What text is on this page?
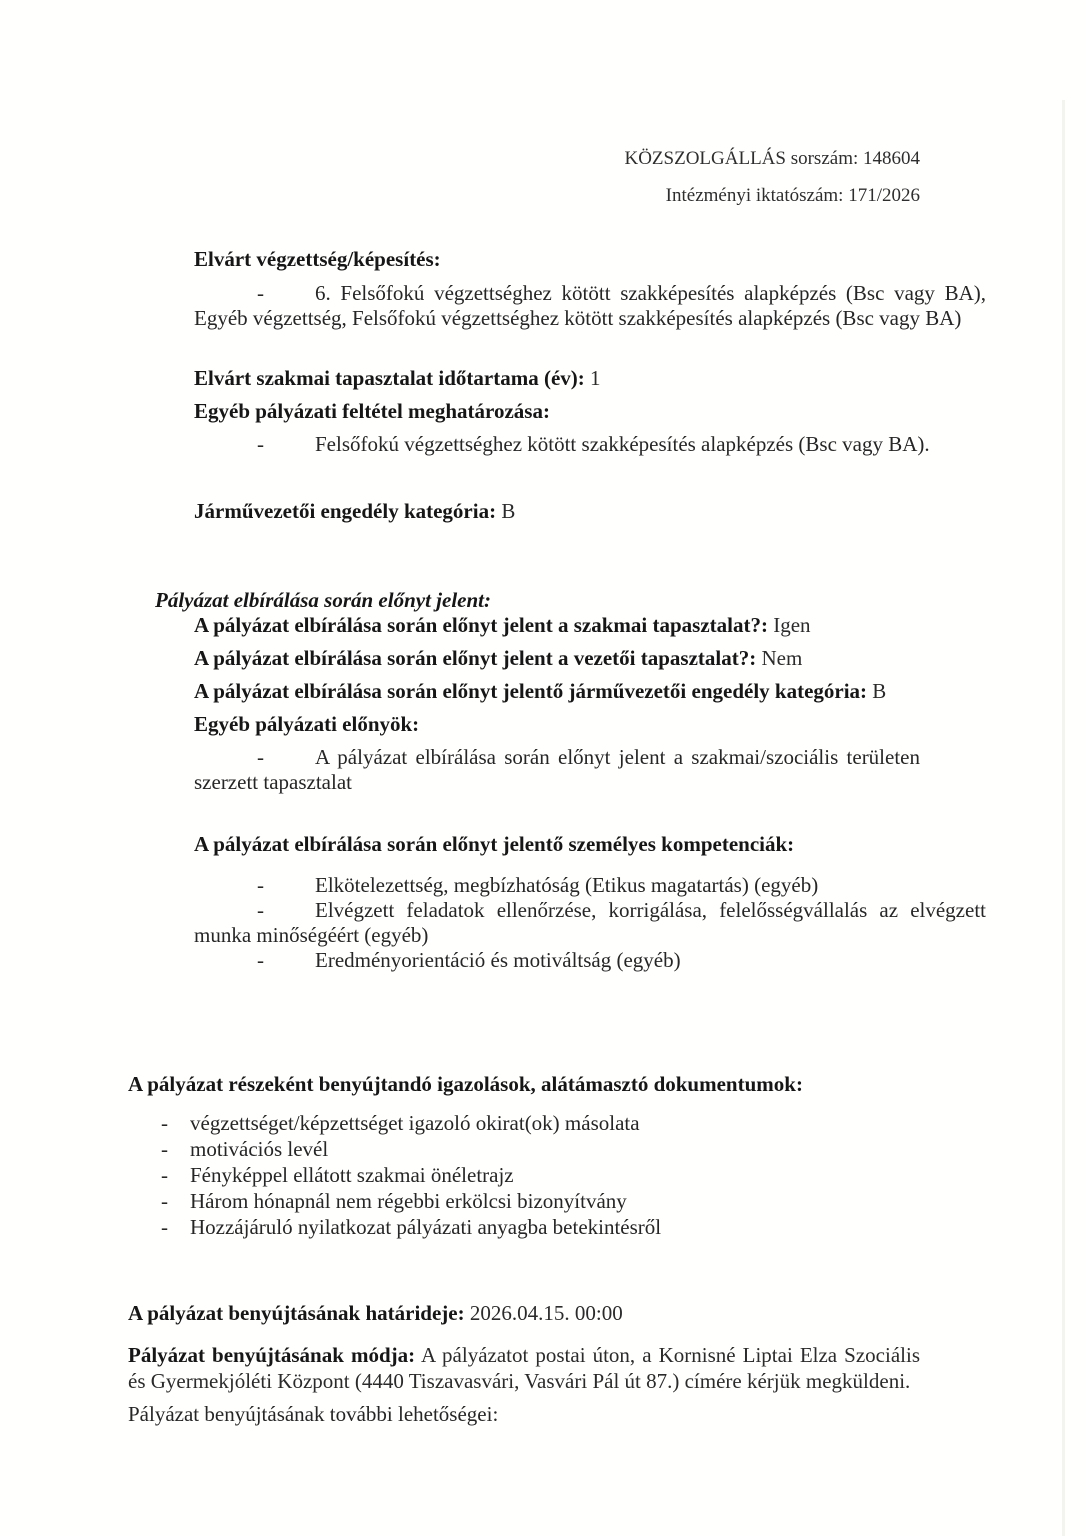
KÖZSZOLGÁLLÁS sorszám: 148604
Intézményi iktatószám: 171/2026

Elvárt végzettség/képesítés:

- 6. Felsőfokú végzettséghez kötött szakképesítés alapképzés (Bsc vagy BA), Egyéb végzettség, Felsőfokú végzettséghez kötött szakképesítés alapképzés (Bsc vagy BA)

Elvárt szakmai tapasztalat időtartama (év): 1

Egyéb pályázati feltétel meghatározása:

- Felsőfokú végzettséghez kötött szakképesítés alapképzés (Bsc vagy BA).

Járművezetői engedély kategória: B

Pályázat elbírálása során előnyt jelent:

A pályázat elbírálása során előnyt jelent a szakmai tapasztalat?: Igen

A pályázat elbírálása során előnyt jelent a vezetői tapasztalat?: Nem

A pályázat elbírálása során előnyt jelentő járművezetői engedély kategória: B

Egyéb pályázati előnyök:

- A pályázat elbírálása során előnyt jelent a szakmai/szociális területen szerzett tapasztalat

A pályázat elbírálása során előnyt jelentő személyes kompetenciák:

- Elkötelezettség, megbízhatóság (Etikus magatartás) (egyéb)

- Elvégzett feladatok ellenőrzése, korrigálása, felelősségvállalás az elvégzett munka minőségéért (egyéb)

- Eredményorientáció és motiváltság (egyéb)

A pályázat részeként benyújtandó igazolások, alátámasztó dokumentumok:

- végzettséget/képzettséget igazoló okirat(ok) másolata

- motivációs levél

- Fényképpel ellátott szakmai önéletrajz

- Három hónapnál nem régebbi erkölcsi bizonyítvány

- Hozzájáruló nyilatkozat pályázati anyagba betekintésről

A pályázat benyújtásának határideje: 2026.04.15. 00:00

Pályázat benyújtásának módja: A pályázatot postai úton, a Kornisné Liptai Elza Szociális és Gyermekjóléti Központ (4440 Tiszavasvári, Vasvári Pál út 87.) címére kérjük megküldeni.

Pályázat benyújtásának további lehetőségei:
